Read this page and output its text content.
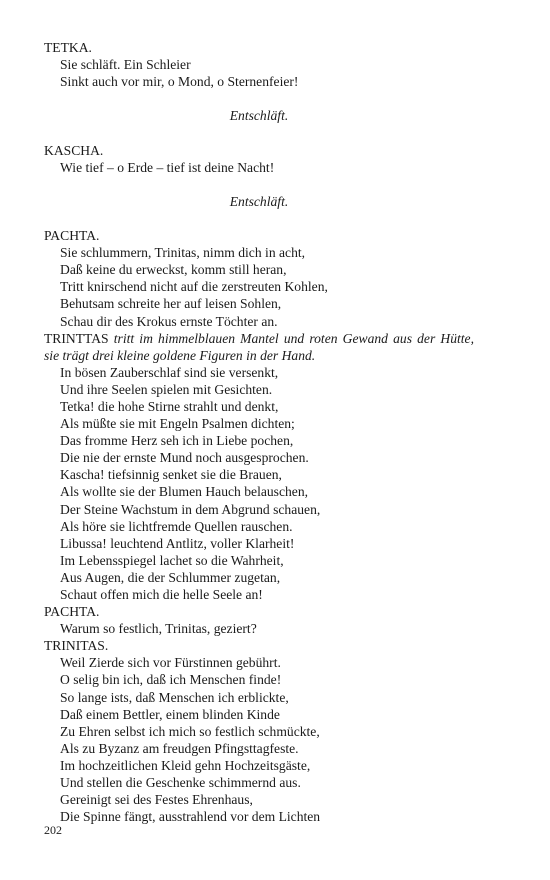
TETKA.
Sie schläft. Ein Schleier
Sinkt auch vor mir, o Mond, o Sternenfeier!
Entschläft.
KASCHA.
Wie tief – o Erde – tief ist deine Nacht!
Entschläft.
PACHTA.
Sie schlummern, Trinitas, nimm dich in acht,
Daß keine du erweckst, komm still heran,
Tritt knirschend nicht auf die zerstreuten Kohlen,
Behutsam schreite her auf leisen Sohlen,
Schau dir des Krokus ernste Töchter an.
TRINTTAS tritt im himmelblauen Mantel und roten Gewand aus der Hütte, sie trägt drei kleine goldene Figuren in der Hand.
In bösen Zauberschlaf sind sie versenkt,
Und ihre Seelen spielen mit Gesichten.
Tetka! die hohe Stirne strahlt und denkt,
Als müßte sie mit Engeln Psalmen dichten;
Das fromme Herz seh ich in Liebe pochen,
Die nie der ernste Mund noch ausgesprochen.
Kascha! tiefsinnig senket sie die Brauen,
Als wollte sie der Blumen Hauch belauschen,
Der Steine Wachstum in dem Abgrund schauen,
Als höre sie lichtfremde Quellen rauschen.
Libussa! leuchtend Antlitz, voller Klarheit!
Im Lebensspiegel lachet so die Wahrheit,
Aus Augen, die der Schlummer zugetan,
Schaut offen mich die helle Seele an!
PACHTA.
Warum so festlich, Trinitas, geziert?
TRINITAS.
Weil Zierde sich vor Fürstinnen gebührt.
O selig bin ich, daß ich Menschen finde!
So lange ists, daß Menschen ich erblickte,
Daß einem Bettler, einem blinden Kinde
Zu Ehren selbst ich mich so festlich schmückte,
Als zu Byzanz am freudgen Pfingsttagfeste.
Im hochzeitlichen Kleid gehn Hochzeitsgäste,
Und stellen die Geschenke schimmernd aus.
Gereinigt sei des Festes Ehrenhaus,
Die Spinne fängt, ausstrahlend vor dem Lichten
202
